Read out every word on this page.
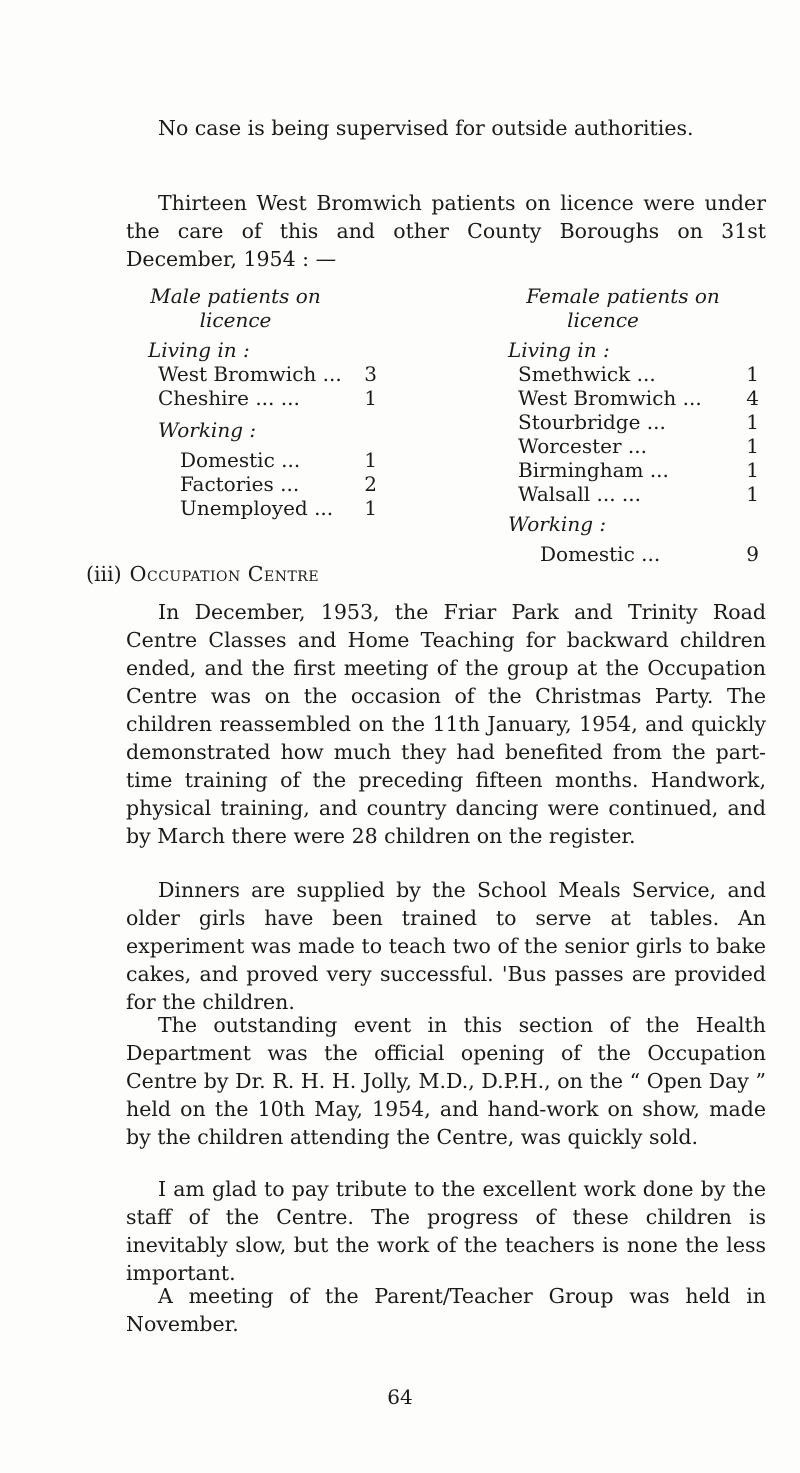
No case is being supervised for outside authorities.

Thirteen West Bromwich patients on licence were under the care of this and other County Boroughs on 31st December, 1954 : —

Male patients on
licence
Living in :
West Bromwich ... 3
Cheshire ... ...	1
Working :
Domestic ...	1
Factories ...	2
Unemployed ... 1
Female patients on
licence
Living in :
Smethwick ...	1
West Bromwich ... 4
Stourbridge ...	1
Worcester ...	1
Birmingham ...	1
Walsall ... ...	1
Working :
Domestic ...	9
(iii) Occupation Centre

In December, 1953, the Friar Park and Trinity Road Centre Classes and Home Teaching for backward children ended, and the first meeting of the group at the Occupation Centre was on the occasion of the Christmas Party. The children reassembled on the 11th January, 1954, and quickly demonstrated how much they had benefited from the part-time training of the preceding fifteen months. Handwork, physical training, and country dancing were continued, and by March there were 28 children on the register.

Dinners are supplied by the School Meals Service, and older girls have been trained to serve at tables. An experiment was made to teach two of the senior girls to bake cakes, and proved very successful. 'Bus passes are provided for the children.

The outstanding event in this section of the Health Department was the official opening of the Occupation Centre by Dr. R. H. H. Jolly, M.D., D.P.H., on the “ Open Day ” held on the 10th May, 1954, and hand-work on show, made by the children attending the Centre, was quickly sold.

I am glad to pay tribute to the excellent work done by the staff of the Centre. The progress of these children is inevitably slow, but the work of the teachers is none the less important.

A meeting of the Parent/Teacher Group was held in November.

64
